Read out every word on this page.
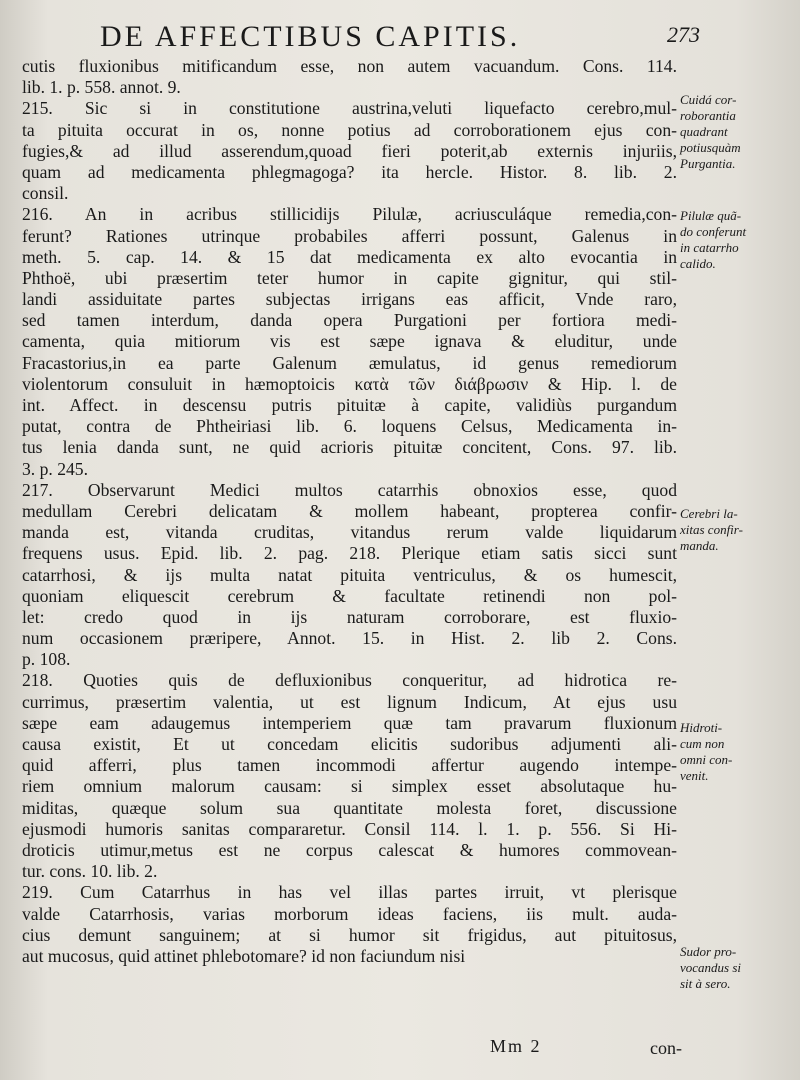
DE AFFECTIBUS CAPITIS.	273
cutis fluxionibus mitificandum esse, non autem vacuandum. Cons. 114.
lib. 1. p. 558. annot. 9.
215. Sic si in constitutione austrina,veluti liquefacto cerebro,mul-
ta pituita occurat in os, nonne potius ad corroborationem ejus con-
fugies,& ad illud asserendum,quoad fieri poterit,ab externis injuriis,
quam ad medicamenta phlegmagoga? ita hercle. Histor. 8. lib. 2.
consil.
216. An in acribus stillicidijs Pilulæ, acriusculáque remedia,con-
ferunt? Rationes utrinque probabiles afferri possunt, Galenus in
meth. 5. cap. 14. & 15 dat medicamenta ex alto evocantia in
Phthoë, ubi præsertim teter humor in capite gignitur, qui stil-
landi assiduitate partes subjectas irrigans eas afficit, Vnde raro,
sed tamen interdum, danda opera Purgationi per fortiora medi-
camenta, quia mitiorum vis est sæpe ignava & eluditur, unde
Fracastorius,in ea parte Galenum æmulatus, id genus remediorum
violentorum consuluit in hæmoptoicis κατὰ τῶν διάβρωσιν & Hip. l. de
int. Affect. in descensu putris pituitæ à capite, validiùs purgandum
putat, contra de Phtheiriasi lib. 6. loquens Celsus, Medicamenta in-
tus lenia danda sunt, ne quid acrioris pituitæ concitent, Cons. 97. lib.
3. p. 245.
217. Observarunt Medici multos catarrhis obnoxios esse, quod
medullam Cerebri delicatam & mollem habeant, propterea confir-
manda est, vitanda cruditas, vitandus rerum valde liquidarum
frequens usus. Epid. lib. 2. pag. 218. Plerique etiam satis sicci sunt
catarrhosi, & ijs multa natat pituita ventriculus, & os humescit,
quoniam eliquescit cerebrum & facultate retinendi non pol-
let: credo quod in ijs naturam corroborare, est fluxio-
num occasionem præripere, Annot. 15. in Hist. 2. lib 2. Cons.
p. 108.
218. Quoties quis de defluxionibus conqueritur, ad hidrotica re-
currimus, præsertim valentia, ut est lignum Indicum, At ejus usu
sæpe eam adaugemus intemperiem quæ tam pravarum fluxionum
causa existit, Et ut concedam elicitis sudoribus adjumenti ali-
quid afferri, plus tamen incommodi affertur augendo intempe-
riem omnium malorum causam: si simplex esset absolutaque hu-
miditas, quæque solum sua quantitate molesta foret, discussione
ejusmodi humoris sanitas compararetur. Consil 114. l. 1. p. 556. Si Hi-
droticis utimur,metus est ne corpus calescat & humores commovean-
tur. cons. 10. lib. 2.
219. Cum Catarrhus in has vel illas partes irruit, vt plerisque
valde Catarrhosis, varias morborum ideas faciens, iis mult. auda-
cius demunt sanguinem; at si humor sit frigidus, aut pituitosus,
aut mucosus, quid attinet phlebotomare? id non faciundum nisi
Cuidá cor-
roborantia
quadrant
potiusquàm
Purgantia.
Pilulæ quã-
do conferunt
in catarrho
calido.
Cerebri la-
xitas confir-
manda.
Hidroti-
cum non
omni con-
venit.
Sudor pro-
vocandus si
sit à sero.
Mm 2	con-
